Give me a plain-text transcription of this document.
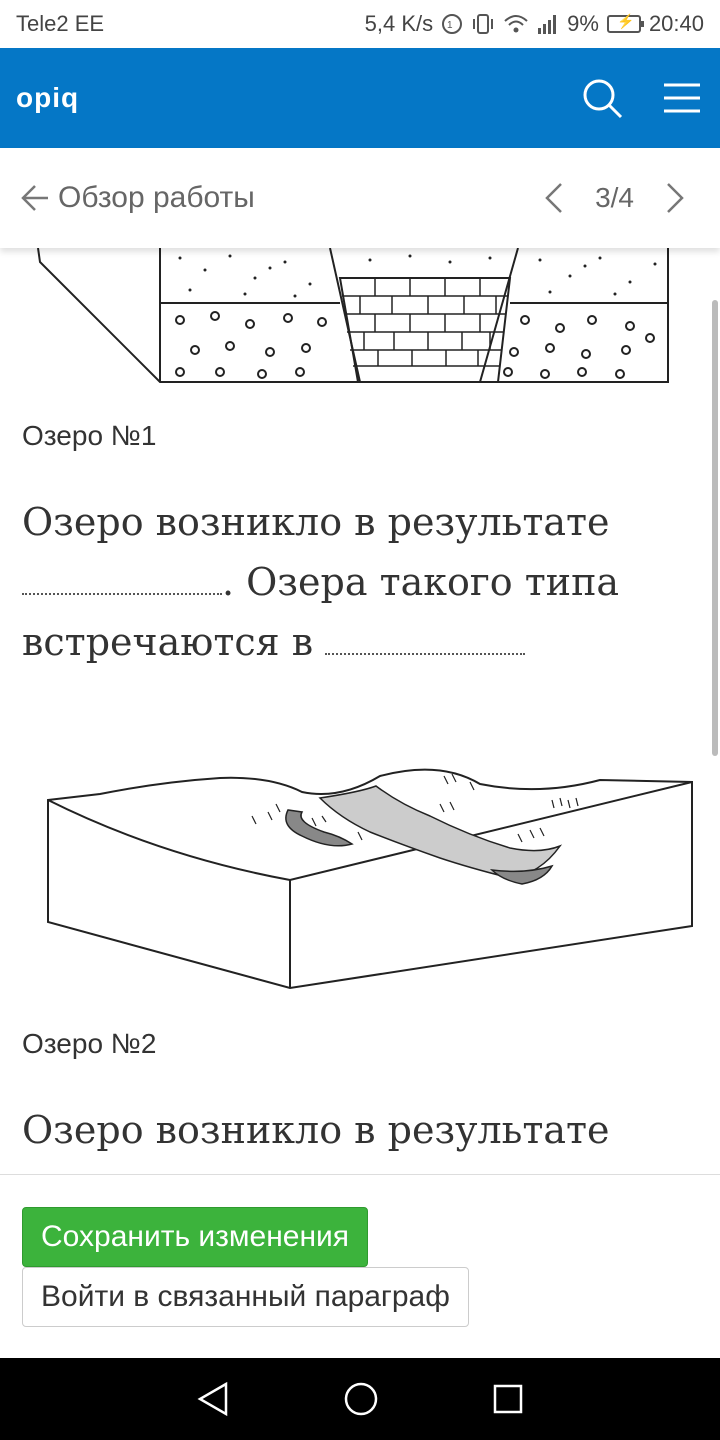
Tele2 EE	5,4 K/s 1	9% ⚡ 20:40
opiq
Обзор работы	3/4
Озеро №1
Озеро возникло в результате
. Озера такого типа встречаются в
Озеро №2
Озеро возникло в результате
Сохранить изменения
Войти в связанный параграф
